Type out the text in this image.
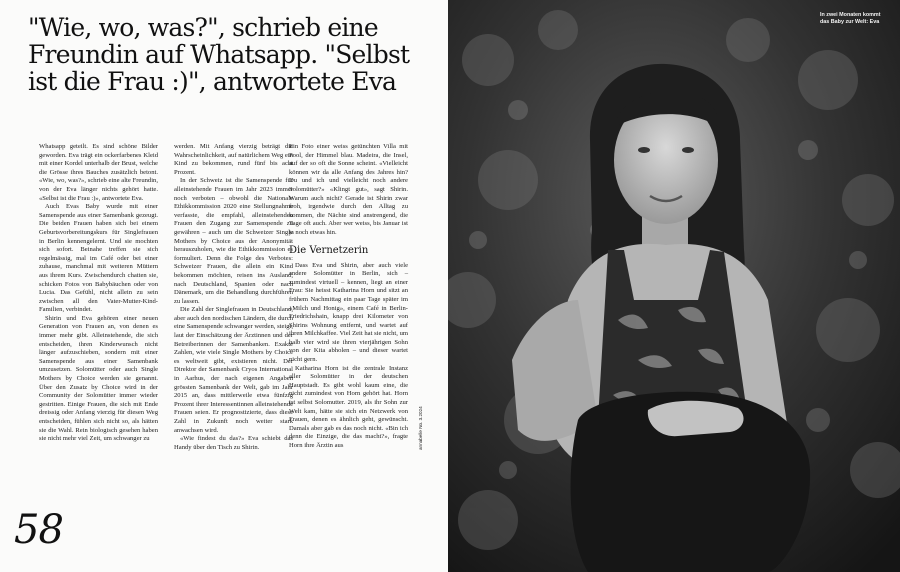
"Wie, wo, was?", schrieb eine Freundin auf Whatsapp. "Selbst ist die Frau :)", antwortete Eva

Whatsapp geteilt. Es sind schöne Bilder geworden. Eva trägt ein ockerfarbenes Kleid mit einer Kordel unterhalb der Brust, welche die Grösse ihres Bauches zusätzlich betont. «Wie, wo, was?», schrieb eine alte Freundin, von der Eva länger nichts gehört hatte. «Selbst ist die Frau :)», antwortete Eva.

Auch Evas Baby wurde mit einer Samenspende aus einer Samenbank gezeugt. Die beiden Frauen haben sich bei einem Geburtsvorbereitungskurs für Singlefrauen in Berlin kennengelernt. Und sie mochten sich sofort. Beinahe treffen sie sich regelmässig, mal im Café oder bei einer zuhause, manchmal mit weiteren Müttern aus ihrem Kurs. Zwischendurch chatten sie, schicken Fotos von Babybäuchen oder von Lucia. Das Gefühl, nicht allein zu sein zwischen all den Vater-Mutter-Kind-Familien, verbindet.

Shirin und Eva gehören einer neuen Generation von Frauen an, von denen es immer mehr gibt. Alleinstehende, die sich entscheiden, ihren Kinderwunsch nicht länger aufzuschieben, sondern mit einer Samenspende aus einer Samenbank umzusetzen. Solomütter oder auch Single Mothers by Choice werden sie genannt. Über den Zusatz by Choice wird in der Community der Solomütter immer wieder gestritten. Einige Frauen, die sich mit Ende dreissig oder Anfang vierzig für diesen Weg entscheiden, fühlen sich nicht so, als hätten sie die Wahl. Rein biologisch gesehen haben sie nicht mehr viel Zeit, um schwanger zu

werden. Mit Anfang vierzig beträgt die Wahrscheinlichkeit, auf natürlichem Weg ein Kind zu bekommen, rund fünf bis acht Prozent.

In der Schweiz ist die Samenspende für alleinstehende Frauen im Jahr 2023 immer noch verboten – obwohl die Nationale Ethikkommission 2020 eine Stellungnahme verfasste, die empfahl, alleinstehenden Frauen den Zugang zur Samenspende zu gewähren – auch um die Schweizer Single Mothers by Choice aus der Anonymität herauszuholen, wie die Ethikkommission es formuliert. Denn die Folge des Verbotes: Schweizer Frauen, die allein ein Kind bekommen möchten, reisen ins Ausland, nach Deutschland, Spanien oder nach Dänemark, um die Behandlung durchführen zu lassen.

Die Zahl der Singlefrauen in Deutschland, aber auch den nordischen Ländern, die durch eine Samenspende schwanger werden, steigt, laut der Einschätzung der Ärztinnen und der Betreiberinnen der Samenbanken. Exakte Zahlen, wie viele Single Mothers by Choice es weltweit gibt, existieren nicht. Der Direktor der Samenbank Cryos International in Aarhus, der nach eigenen Angaben grössten Samenbank der Welt, gab im Jahr 2015 an, dass mittlerweile etwa fünfzig Prozent ihrer Interessentinnen alleinstehende Frauen seien. Er prognostizierte, dass diese Zahl in Zukunft noch weiter stark anwachsen wird.

«Wie findest du das?» Eva schiebt das Handy über den Tisch zu Shirin.

Ein Foto einer weiss getünchten Villa mit Pool, der Himmel blau. Madeira, die Insel, auf der so oft die Sonne scheint. «Vielleicht können wir da alle Anfang des Jahres hin? Du und ich und vielleicht noch andere Solomütter?» «Klingt gut», sagt Shirin. Warum auch nicht? Gerade ist Shirin zwar froh, irgendwie durch den Alltag zu kommen, die Nächte sind anstrengend, die Tage oft auch. Aber wer weiss, bis Januar ist ja noch etwas hin.

Die Vernetzerin

Dass Eva und Shirin, aber auch viele andere Solomütter in Berlin, sich – zumindest virtuell – kennen, liegt an einer Frau: Sie heisst Katharina Horn und sitzt an frühem Nachmittag ein paar Tage später im «Milch und Honig», einem Café in Berlin-Friedrichshain, knapp drei Kilometer von Shirins Wohnung entfernt, und wartet auf ihren Milchkaffee. Viel Zeit hat sie nicht, um halb vier wird sie ihren vierjährigen Sohn von der Kita abholen – und dieser wartet nicht gern.

Katharina Horn ist die zentrale Instanz aller Solomütter in der deutschen Hauptstadt. Es gibt wohl kaum eine, die nicht zumindest von Horn gehört hat. Horn ist selbst Solomutter. 2019, als ihr Sohn zur Welt kam, hätte sie sich ein Netzwerk von Frauen, denen es ähnlich geht, gewünscht. Damals aber gab es das noch nicht. «Bin ich denn die Einzige, die das macht?», fragte Horn ihre Ärztin aus

58
annabelle No. 3.2024
In zwei Monaten kommt das Baby zur Welt: Eva
